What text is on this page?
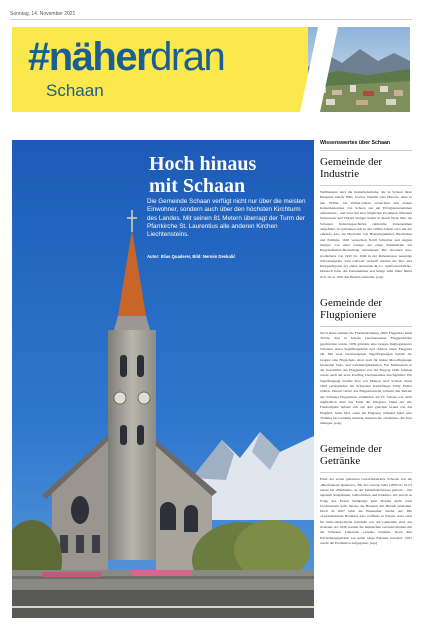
Sonntag, 14. November 2021
#näherdran
Schaan
Hoch hinaus
mit Schaan
Die Gemeinde Schaan verfügt nicht nur über die meisten Einwohner, sondern auch über den höchsten Kirchturm des Landes. Mit seinen 81 Metern überragt der Turm der Pfarrkirche St. Laurentius alle anderen Kirchen Liechtensteins.
Autor: Elias Quaderer, Bild: Nermin Deskalić
Wissenswertes über Schaan
Gemeinde der Industrie

Weltbekannt sind die Industriebetriebe, die in Schaan ihren Hauptsitz haben: Hilti, Ivoclar, Neutrik oder Hilcona. Aber in den 1930er- bis 1950er-Jahren versuchten sich andere Industriepioniere von Schaan aus ein Erfolgsunternehmen aufzubauen – und zwar mit aller möglichen Produkten. Emanuel Wenaweser und Harald Wanger haben in ihrem Werk über die Schaaner Industriegeschichte zahlreiche Unternehmen aufgeführt. So gründeten sich in den 1930er-Jahren etwa mit der «Rebofa AG» ein Hersteller von Haarpflegemittel, Haarfarben und Parfüms. 1945 versuchten Noldi Schreiber und August Alpiger von einer Garage aus einen Kleinbetrieb zur Kugelschreiber-Herstellung aufzubauen. Die «Kosmos AG» produzierte von 1945 bis 1949 in der Rebenstrasse neuartige Schweissgeräte. Und weltweit verkauft wurden die Tier- und Kleppenfiguren der «Max Alexander & Co. Spielwarenfabrik». Dennoch hatte das Unternehmen erst knapp zehn Jahre hinter sich, als es 1952 den Betrieb einstellte. (eqa)

Gemeinde der Flugpioniere

Noch heute erinnert die Flurbezeichnung «Bim Flugplatz» beim Tröxle, dass in Schaan Liechtensteiner Fluggeschichte geschrieben wurde. 1939 gründete eine Gruppe flugbegeisterter Schaaner einen Segelfliegerklub und richtete einen Flugplatz ein. Mit zwei vereinseigenen Segelflugzeugen betrieb die Gruppe eine Flugschule. Aber auch für kleine Motorflugzeuge bestanden Start- und Landemöglichkeiten. Ein Meilenstein in der Geschichte des Flugplatzes war der Flugtag 1946. Damals wurde auch der erste Postflug Liechtensteins durchgeführt: Ein Segelflugzeug brachte Post von Mauren nach Schaan. Doch 1950 verunglückte der Schweizer Kunstflieger Willy Eicher tödlich. Darauf verbot das Eidgenössische Luftamt den Betrieb des Schaaner Flugplatzes. Zumindest der FC Schaan war nicht unglücklich über das Ende der Fliegerei. Denn der alte Fussballplatz befand sich auf dem gleichen Grund wie das Flugfeld. Jedes Mal, wenn ein Flugzeug während Spiel oder Training zur Landung ansetzte, mussten die «Tschutter» die Tore umlegen. (eqa)

Gemeinde der Getränke

Einer der ersten gelisteten Gewerbebetriebe Schaans war die «Bierbrauerei Quaderer». Für fast vierzig Jahre (1879 bis 1917) wurde im «Bierhüsle» an der Feldkircherstrasse gebraut – mit eigenem Sudpfannen, Gärbottichen und Eiskeller. Als jedoch in Folge des Ersten Weltkriegs kein Hopfen mehr nach Liechtenstein kam, musste die Brauerei den Betrieb einstellen. Doch ab 2007 lebte die Braukultur wieder auf: Die «Liechtensteiner Brauhaus AG» eröffnete in Schaan. Aber auch für nicht-alkoholische Getränke war die Gemeinde einst das Zentrum. Ab 1938 wurden die heimischen Gastwirtschaften mit der Schaaner Limonade «Alpila» beliefert. Doch dem Erfrischungsgetränk war keine lange Existenz beschert: 1961 wurde die Produktion aufgegeben. (eqa)
